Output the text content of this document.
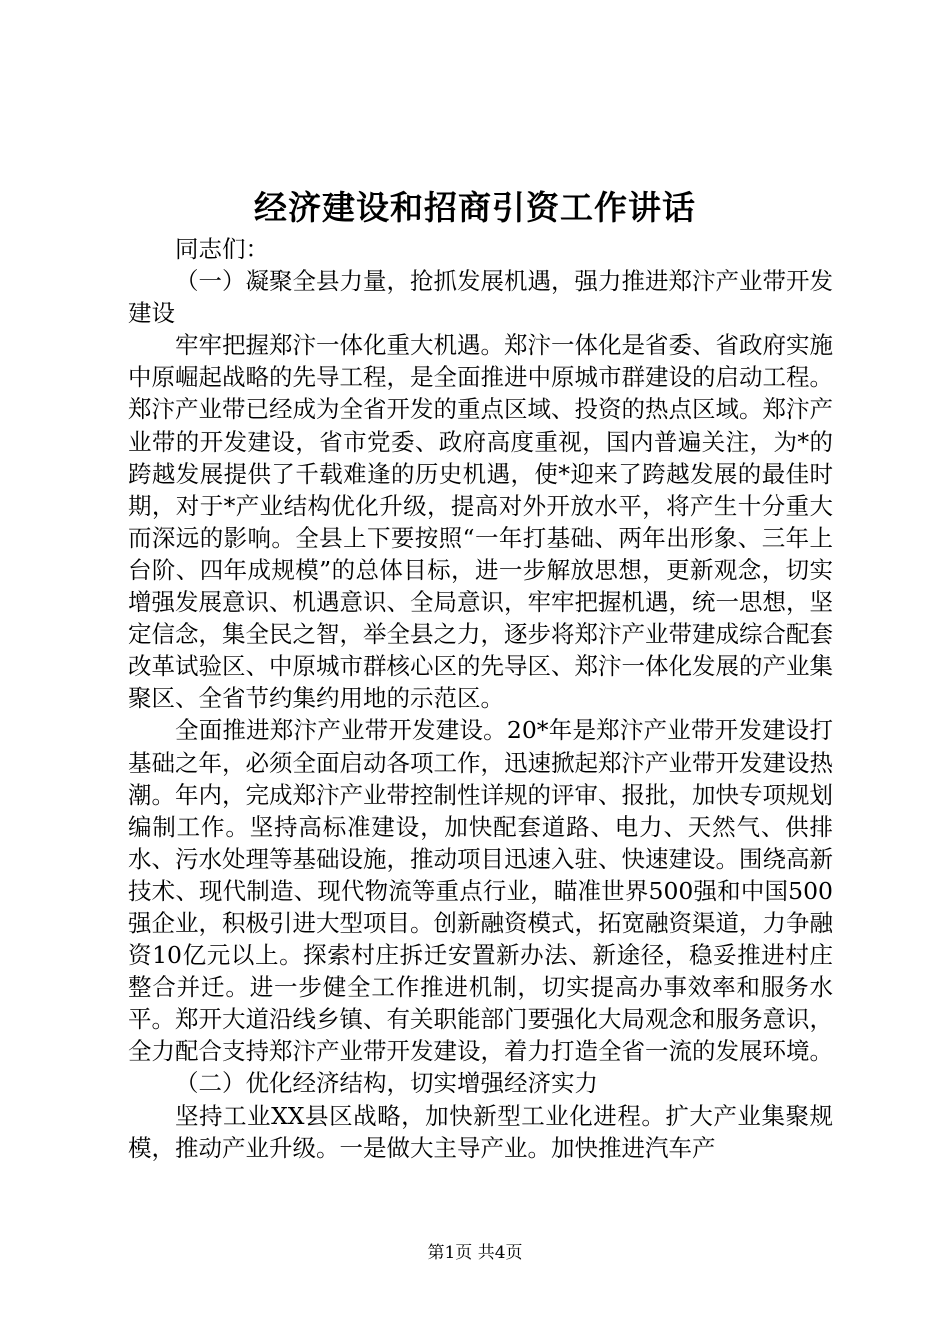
经济建设和招商引资工作讲话

同志们：

（一）凝聚全县力量，抢抓发展机遇，强力推进郑汴产业带开发建设

牢牢把握郑汴一体化重大机遇。郑汴一体化是省委、省政府实施中原崛起战略的先导工程，是全面推进中原城市群建设的启动工程。郑汴产业带已经成为全省开发的重点区域、投资的热点区域。郑汴产业带的开发建设，省市党委、政府高度重视，国内普遍关注，为*的跨越发展提供了千载难逢的历史机遇，使*迎来了跨越发展的最佳时期，对于*产业结构优化升级，提高对外开放水平，将产生十分重大而深远的影响。全县上下要按照“一年打基础、两年出形象、三年上台阶、四年成规模”的总体目标，进一步解放思想，更新观念，切实增强发展意识、机遇意识、全局意识，牢牢把握机遇，统一思想，坚定信念，集全民之智，举全县之力，逐步将郑汴产业带建成综合配套改革试验区、中原城市群核心区的先导区、郑汴一体化发展的产业集聚区、全省节约集约用地的示范区。

全面推进郑汴产业带开发建设。20*年是郑汴产业带开发建设打基础之年，必须全面启动各项工作，迅速掀起郑汴产业带开发建设热潮。年内，完成郑汴产业带控制性详规的评审、报批，加快专项规划编制工作。坚持高标准建设，加快配套道路、电力、天然气、供排水、污水处理等基础设施，推动项目迅速入驻、快速建设。围绕高新技术、现代制造、现代物流等重点行业，瞄准世界500强和中国500强企业，积极引进大型项目。创新融资模式，拓宽融资渠道，力争融资10亿元以上。探索村庄拆迁安置新办法、新途径，稳妥推进村庄整合并迁。进一步健全工作推进机制，切实提高办事效率和服务水平。郑开大道沿线乡镇、有关职能部门要强化大局观念和服务意识，全力配合支持郑汴产业带开发建设，着力打造全省一流的发展环境。

（二）优化经济结构，切实增强经济实力

坚持工业XX县区战略，加快新型工业化进程。扩大产业集聚规模，推动产业升级。一是做大主导产业。加快推进汽车产

第1页 共4页
